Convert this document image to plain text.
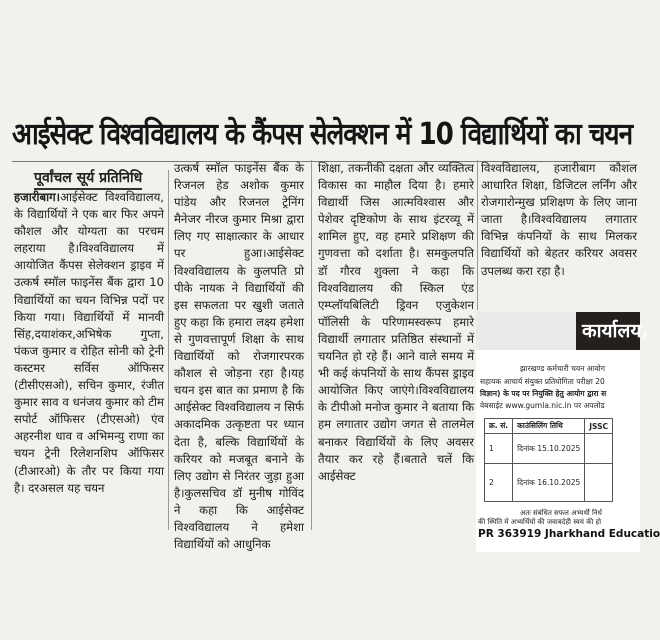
आईसेक्ट विश्वविद्यालय के कैंपस सेलेक्शन में 10 विद्यार्थियों का चयन
पूर्वांचल सूर्य प्रतिनिधि
हजारीबाग।आईसेक्ट विश्वविद्यालय, के विद्यार्थियों ने एक बार फिर अपने कौशल और योग्यता का परचम लहराया है।विश्वविद्यालय में आयोजित कैंपस सेलेक्शन ड्राइव में उत्कर्ष स्मॉल फाइनेंस बैंक द्वारा 10 विद्यार्थियों का चयन विभिन्न पदों पर किया गया। विद्यार्थियों में मानवी सिंह,दयाशंकर,अभिषेक गुप्ता, पंकज कुमार व रोहित सोनी को ट्रेनी कस्टमर सर्विस ऑफिसर (टीसीएसओ), सचिन कुमार, रंजीत कुमार साव व धनंजय कुमार को टीम सपोर्ट ऑफिसर (टीएसओ) एंव अहरनीश धाव व अभिमन्यु राणा का चयन ट्रेनी रिलेशनशिप ऑफिसर (टीआरओ) के तौर पर किया गया है। दरअसल यह चयन
उत्कर्ष स्मॉल फाइनेंस बैंक के रिजनल हेड अशोक कुमार पांडेय और रिजनल ट्रेनिंग मैनेजर नीरज कुमार मिश्रा द्वारा लिए गए साक्षात्कार के आधार पर हुआ।आईसेक्ट विश्वविद्यालय के कुलपति प्रो पीके नायक ने विद्यार्थियों की इस सफलता पर खुशी जताते हुए कहा कि हमारा लक्ष्य हमेशा से गुणवत्तापूर्ण शिक्षा के साथ विद्यार्थियों को रोजगारपरक कौशल से जोड़ना रहा है।यह चयन इस बात का प्रमाण है कि आईसेक्ट विश्वविद्यालय न सिर्फ अकादमिक उत्कृष्टता पर ध्यान देता है, बल्कि विद्यार्थियों के करियर को मजबूत बनाने के लिए उद्योग से निरंतर जुड़ा हुआ है।कुलसचिव डॉ मुनीष गोविंद ने कहा कि आईसेक्ट विश्वविद्यालय ने हमेशा विद्यार्थियों को आधुनिक
शिक्षा, तकनीकी दक्षता और व्यक्तित्व विकास का माहौल दिया है। हमारे विद्यार्थी जिस आत्मविश्वास और पेशेवर दृष्टिकोण के साथ इंटरव्यू में शामिल हुए, वह हमारे प्रशिक्षण की गुणवत्ता को दर्शाता है। समकुलपति डॉ गौरव शुक्ला ने कहा कि विश्वविद्यालय की स्किल एंड एम्प्लॉयबिलिटी ड्रिवन एजुकेशन पॉलिसी के परिणामस्वरूप हमारे विद्यार्थी लगातार प्रतिष्ठित संस्थानों में चयनित हो रहे हैं। आने वाले समय में भी कई कंपनियों के साथ कैंपस ड्राइव आयोजित किए जाएंगे।विश्वविद्यालय के टीपीओ मनोज कुमार ने बताया कि हम लगातार उद्योग जगत से तालमेल बनाकर विद्यार्थियों के लिए अवसर तैयार कर रहे हैं।बताते चलें कि आईसेक्ट
विश्वविद्यालय, हजारीबाग कौशल आधारित शिक्षा, डिजिटल लर्निंग और रोजगारोन्मुख प्रशिक्षण के लिए जाना जाता है।विश्वविद्यालय लगातार विभिन्न कंपनियों के साथ मिलकर विद्यार्थियों को बेहतर करियर अवसर उपलब्ध करा रहा है।
कार्यालय,
झारखण्ड कर्मचारी चयन आयोग
सहायक आचार्य संयुक्त प्रतियोगिता परीक्षा 20
विज्ञान) के पद पर नियुक्ति हेतु आयोग द्वारा स
वेबसाईट www.gumla.nic.in पर अपलोड
क्र. सं.	काउंसिलिंग तिथि	JSSC
1	दिनांक 15.10.2025	
2	दिनांक 16.10.2025	
अतः संबंधित सफल अभ्यर्थी निर्ध
की स्थिति में अभ्यर्थियों की जवाबदेही स्वयं की हो
PR 363919 Jharkhand Educatio
